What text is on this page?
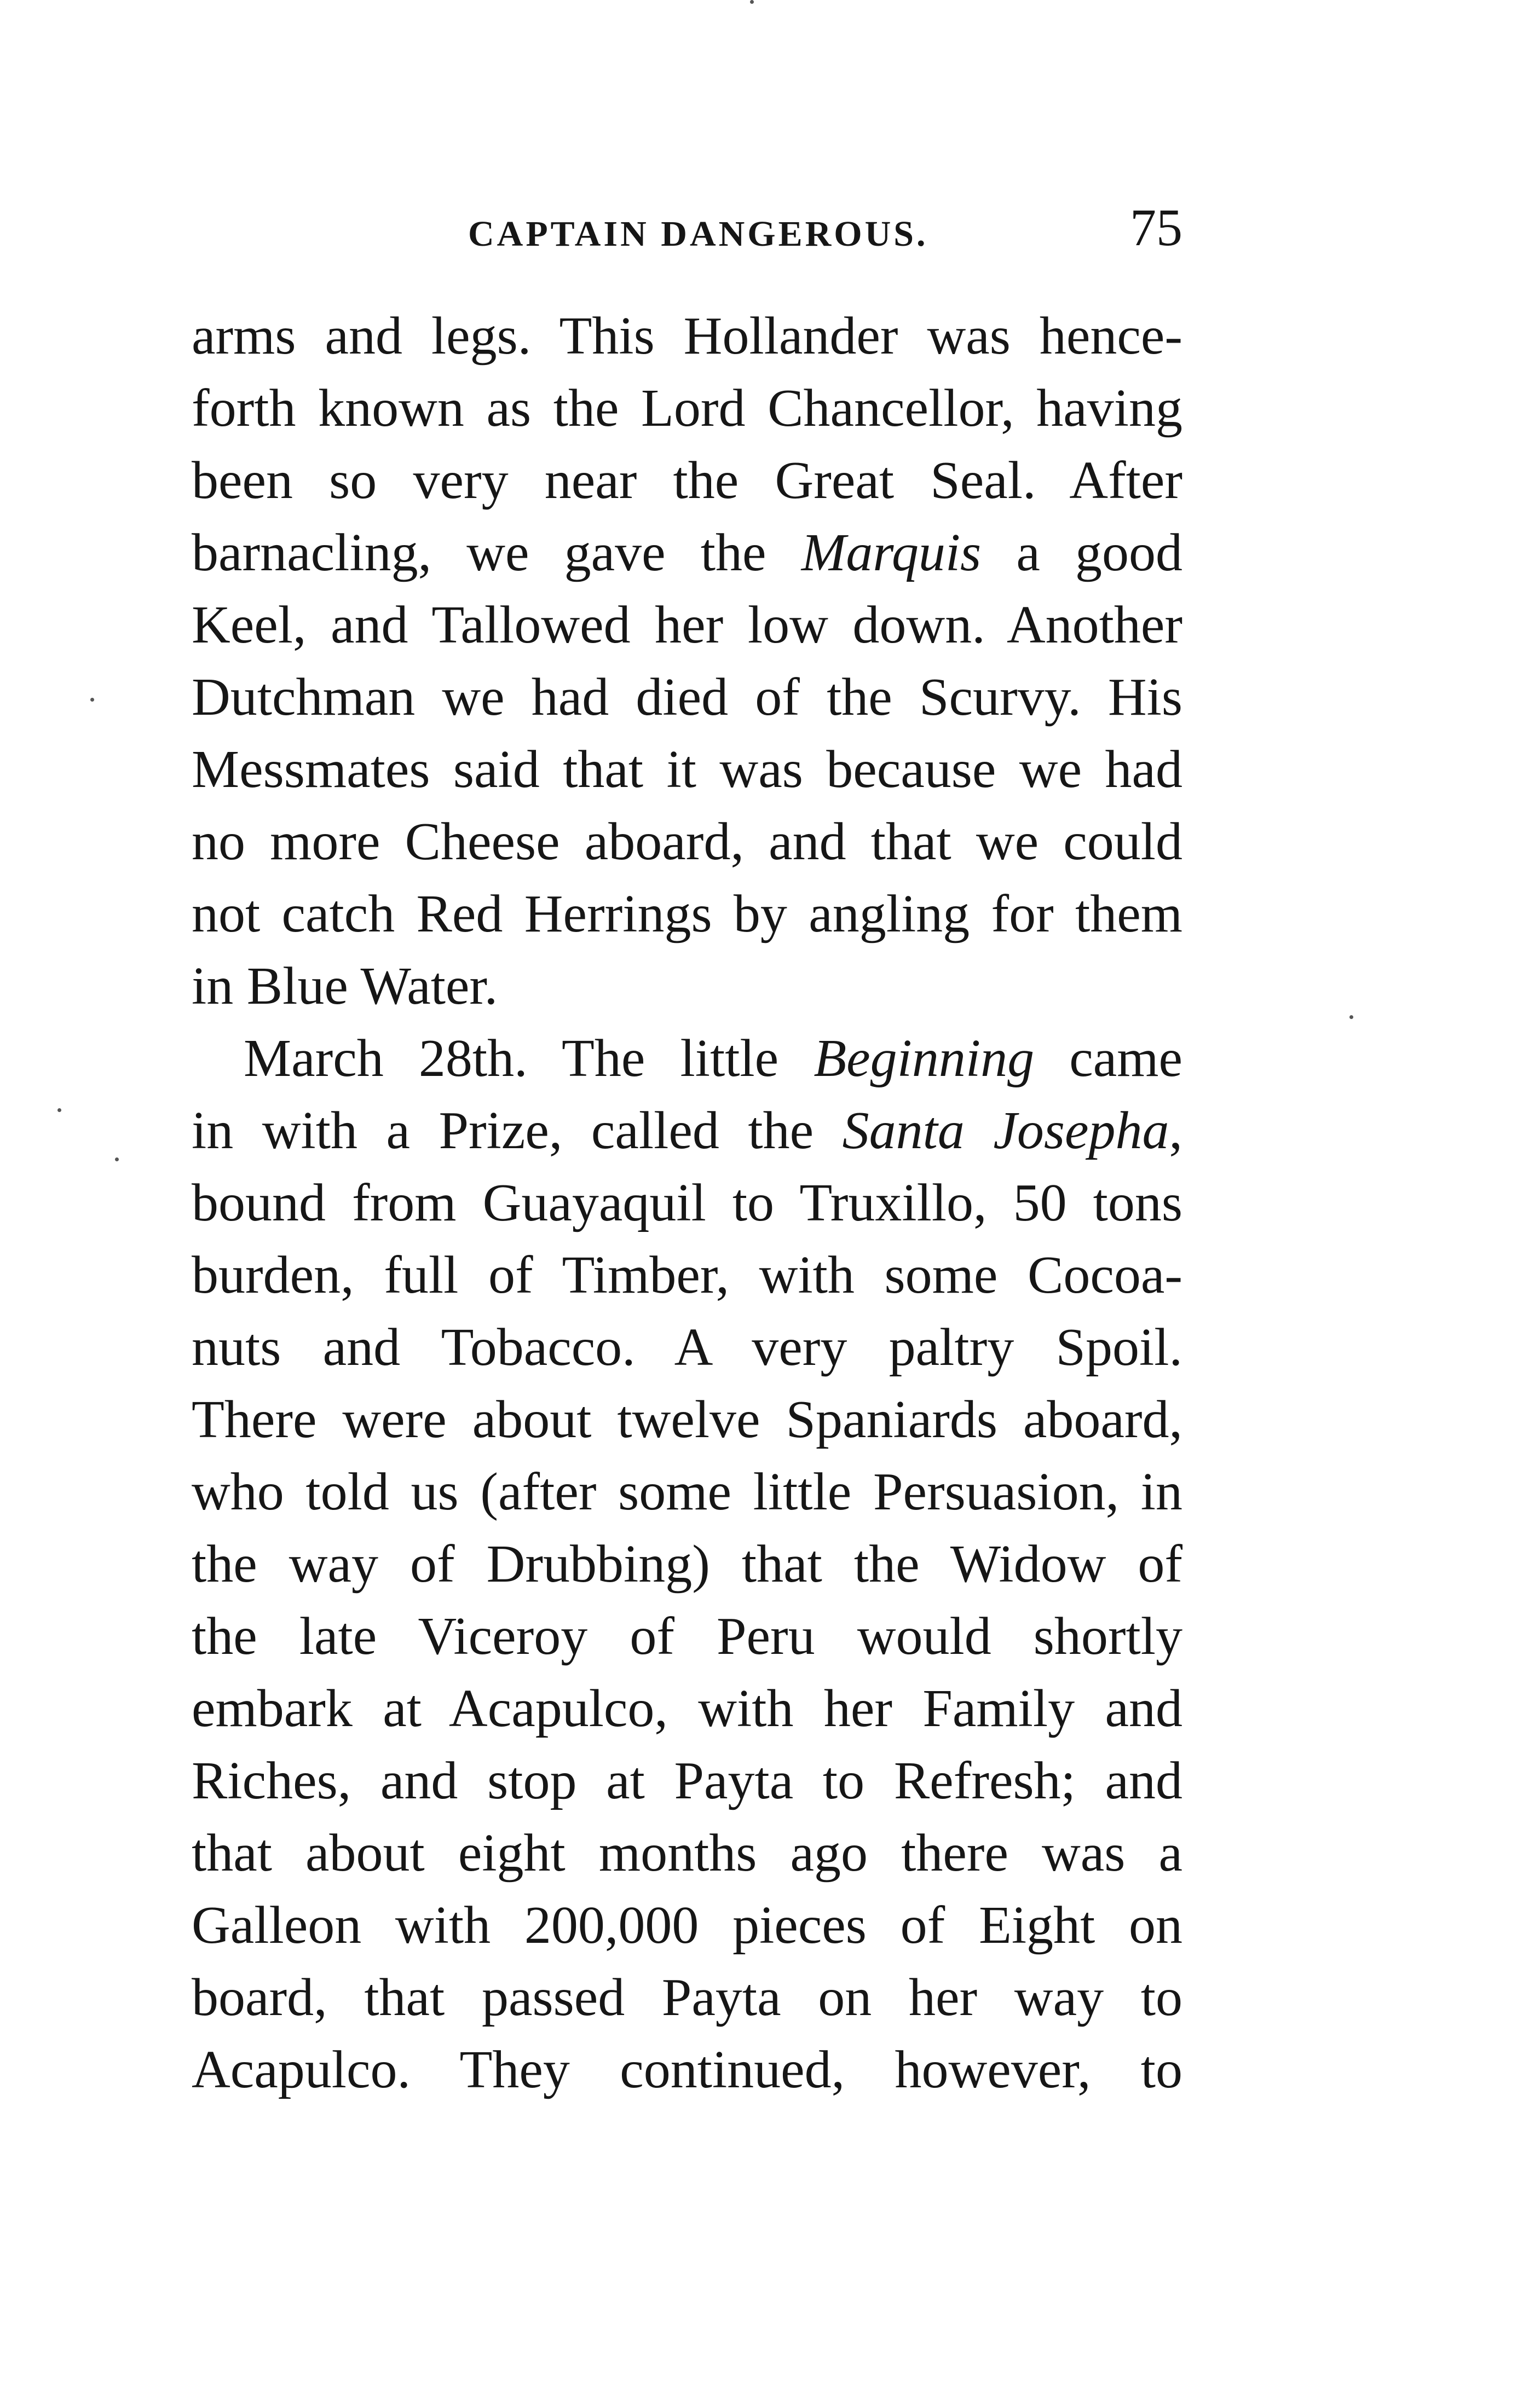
CAPTAIN DANGEROUS.	75
arms and legs. This Hollander was hence-
forth known as the Lord Chancellor, having
been so very near the Great Seal. After
barnacling, we gave the Marquis a good
Keel, and Tallowed her low down. Another
Dutchman we had died of the Scurvy. His
Messmates said that it was because we had
no more Cheese aboard, and that we could
not catch Red Herrings by angling for them
in Blue Water.
March 28th. The little Beginning came
in with a Prize, called the Santa Josepha,
bound from Guayaquil to Truxillo, 50 tons
burden, full of Timber, with some Cocoa-
nuts and Tobacco. A very paltry Spoil.
There were about twelve Spaniards aboard,
who told us (after some little Persuasion, in
the way of Drubbing) that the Widow of
the late Viceroy of Peru would shortly
embark at Acapulco, with her Family and
Riches, and stop at Payta to Refresh; and
that about eight months ago there was a
Galleon with 200,000 pieces of Eight on
board, that passed Payta on her way to
Acapulco. They continued, however, to
